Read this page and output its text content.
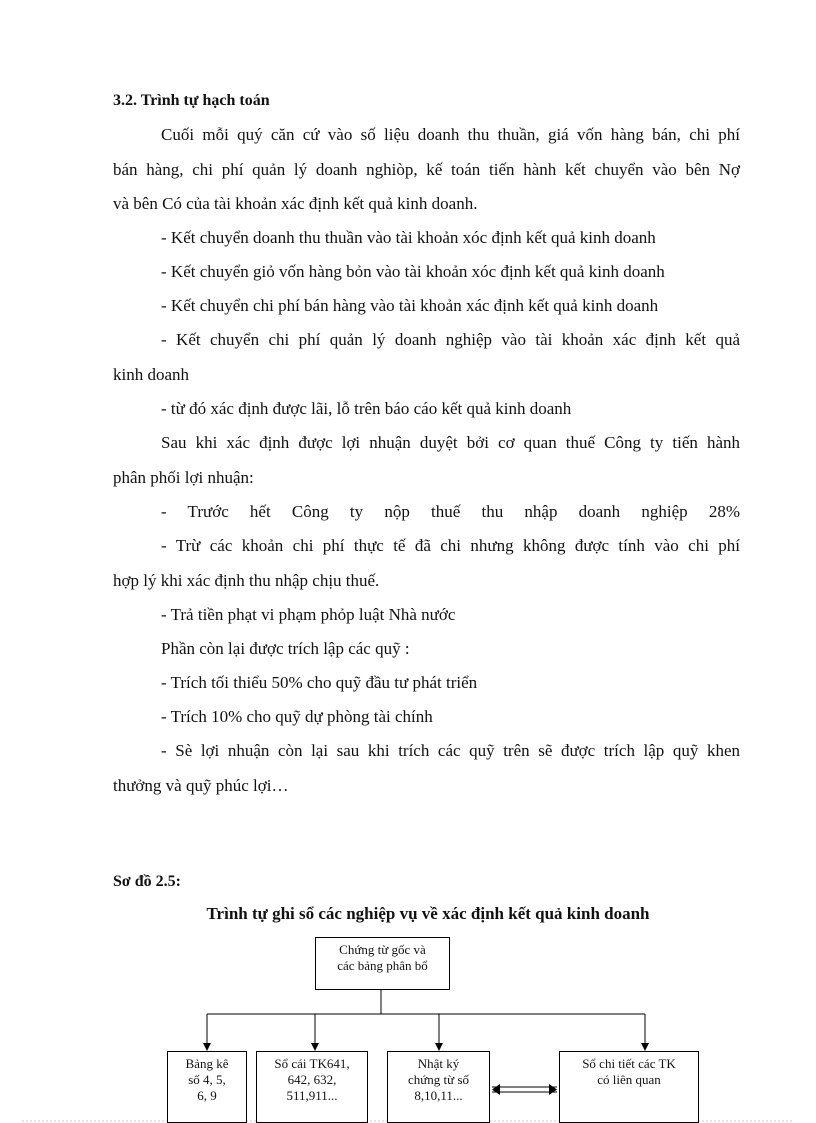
3.2. Trình tự hạch toán
Cuối mỗi quý căn cứ vào số liệu doanh thu thuần, giá vốn hàng bán, chi phí
bán hàng, chi phí quản lý doanh nghiòp, kế toán tiến hành kết chuyển vào bên Nợ
và bên Có của tài khoản xác định kết quả kinh doanh.
- Kết chuyển doanh thu thuần vào tài khoản xóc định kết quả kinh doanh
- Kết chuyển giỏ vốn hàng bỏn vào tài khoản xóc định kết quả kinh doanh
- Kết chuyển chi phí bán hàng vào tài khoản xác định kết quả kinh doanh
- Kết chuyển chi phí quản lý doanh nghiệp vào tài khoản xác định kết quả
kinh doanh
- từ đó xác định được lãi, lỗ trên báo cáo kết quả kinh doanh
Sau khi xác định được lợi nhuận duyệt bởi cơ quan thuế Công ty tiến hành
phân phối lợi nhuận:
- Trước hết Công ty nộp thuế thu nhập doanh nghiệp 28%
- Trừ các khoản chi phí thực tế đã chi nhưng không được tính vào chi phí
hợp lý khi xác định thu nhập chịu thuế.
- Trả tiền phạt vi phạm phỏp luật Nhà nước
Phần còn lại được trích lập các quỹ :
- Trích tối thiểu 50% cho quỹ đầu tư phát triển
- Trích 10% cho quỹ dự phòng tài chính
- Sè lợi nhuận còn lại sau khi trích các quỹ trên sẽ được trích lập quỹ khen
thưởng và quỹ phúc lợi…
Sơ đồ 2.5:
Trình tự ghi sổ các nghiệp vụ về xác định kết quả kinh doanh
Chứng từ gốc và
các bảng phân bổ
Bảng kê
số 4, 5,
6, 9
Sổ cái TK641,
642, 632,
511,911...
Nhật ký
chứng từ số
8,10,11...
Sổ chi tiết các TK
có liên quan
